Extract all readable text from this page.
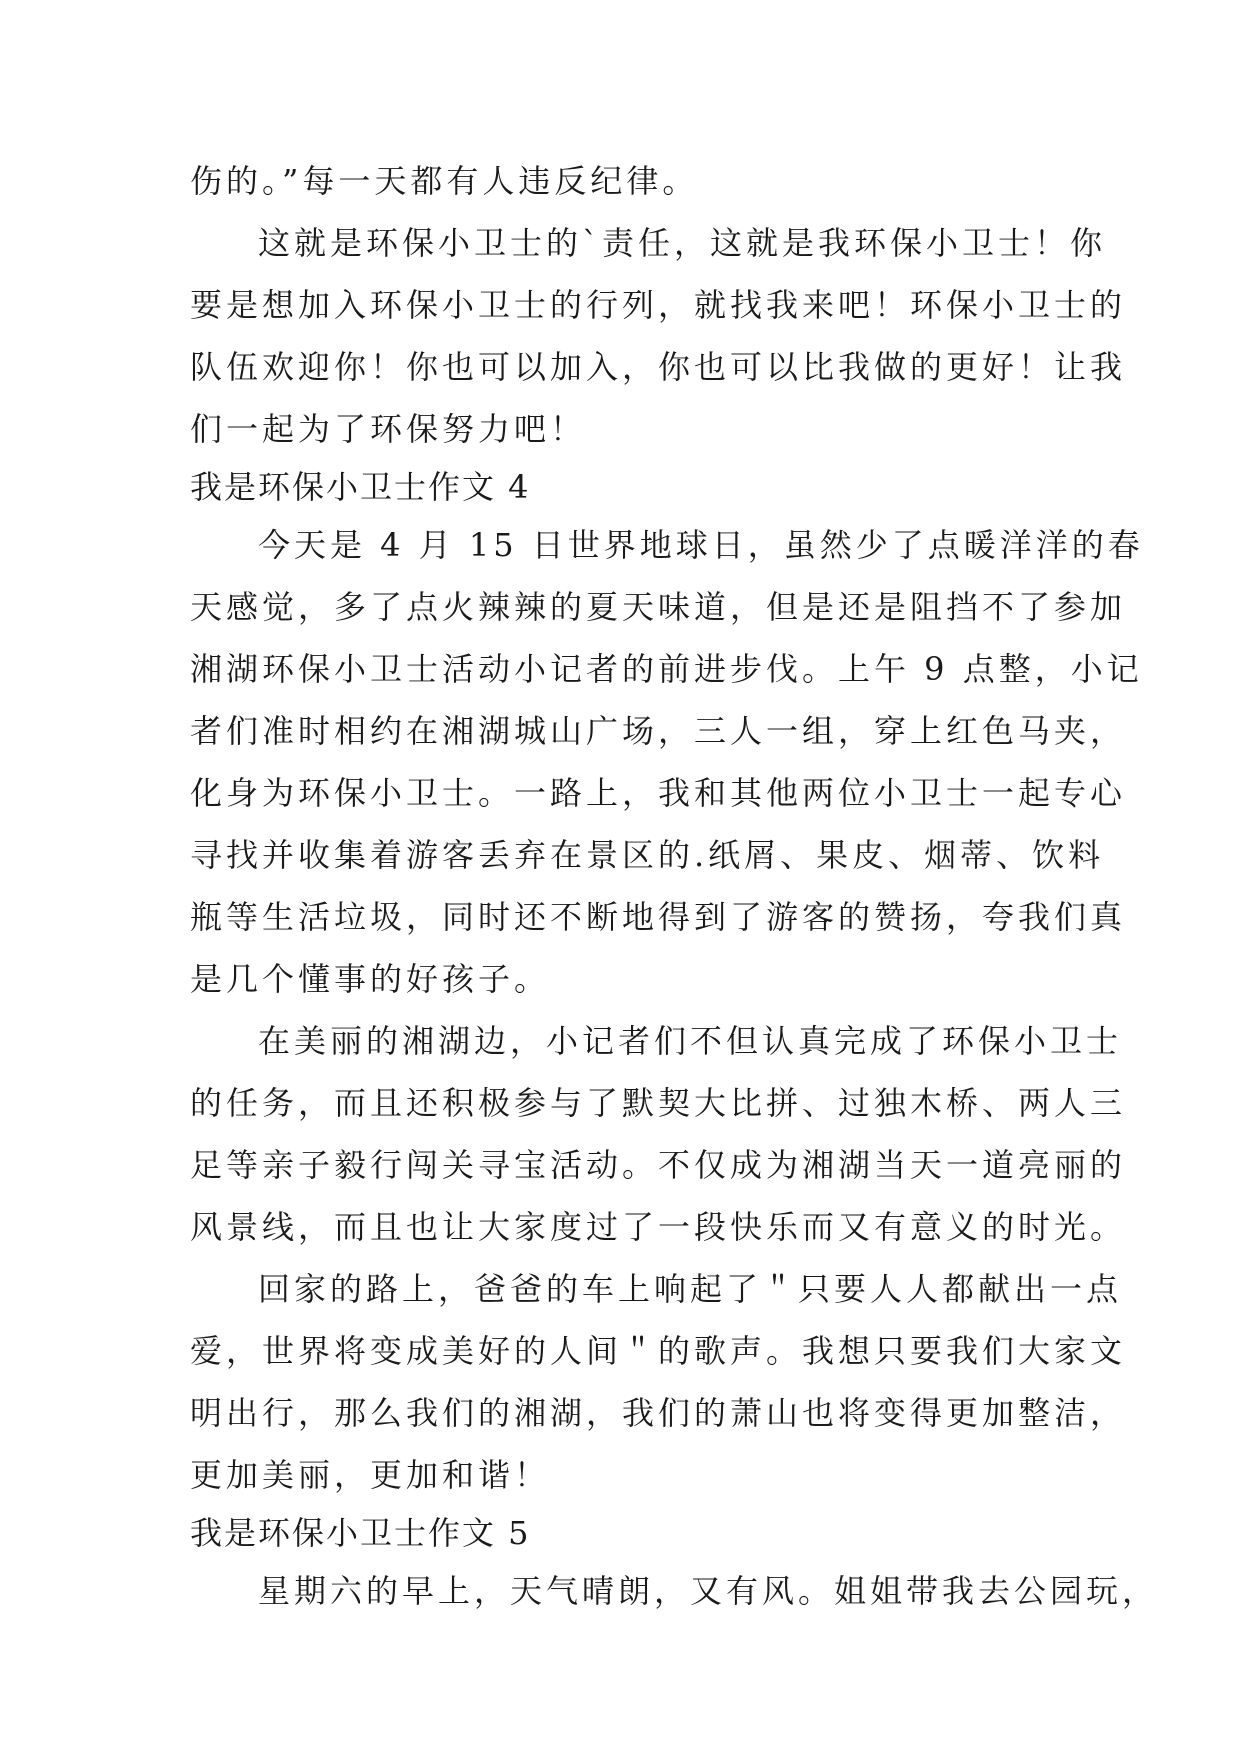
伤的。”每一天都有人违反纪律。
这就是环保小卫士的`责任，这就是我环保小卫士！你
要是想加入环保小卫士的行列，就找我来吧！环保小卫士的
队伍欢迎你！你也可以加入，你也可以比我做的更好！让我
们一起为了环保努力吧！
我是环保小卫士作文 4
今天是 4 月 15 日世界地球日，虽然少了点暖洋洋的春
天感觉，多了点火辣辣的夏天味道，但是还是阻挡不了参加
湘湖环保小卫士活动小记者的前进步伐。上午 9 点整，小记
者们准时相约在湘湖城山广场，三人一组，穿上红色马夹，
化身为环保小卫士。一路上，我和其他两位小卫士一起专心
寻找并收集着游客丢弃在景区的.纸屑、果皮、烟蒂、饮料
瓶等生活垃圾，同时还不断地得到了游客的赞扬，夸我们真
是几个懂事的好孩子。
在美丽的湘湖边，小记者们不但认真完成了环保小卫士
的任务，而且还积极参与了默契大比拼、过独木桥、两人三
足等亲子毅行闯关寻宝活动。不仅成为湘湖当天一道亮丽的
风景线，而且也让大家度过了一段快乐而又有意义的时光。
回家的路上，爸爸的车上响起了＂只要人人都献出一点
爱，世界将变成美好的人间＂的歌声。我想只要我们大家文
明出行，那么我们的湘湖，我们的萧山也将变得更加整洁，
更加美丽，更加和谐！
我是环保小卫士作文 5
星期六的早上，天气晴朗，又有风。姐姐带我去公园玩，
